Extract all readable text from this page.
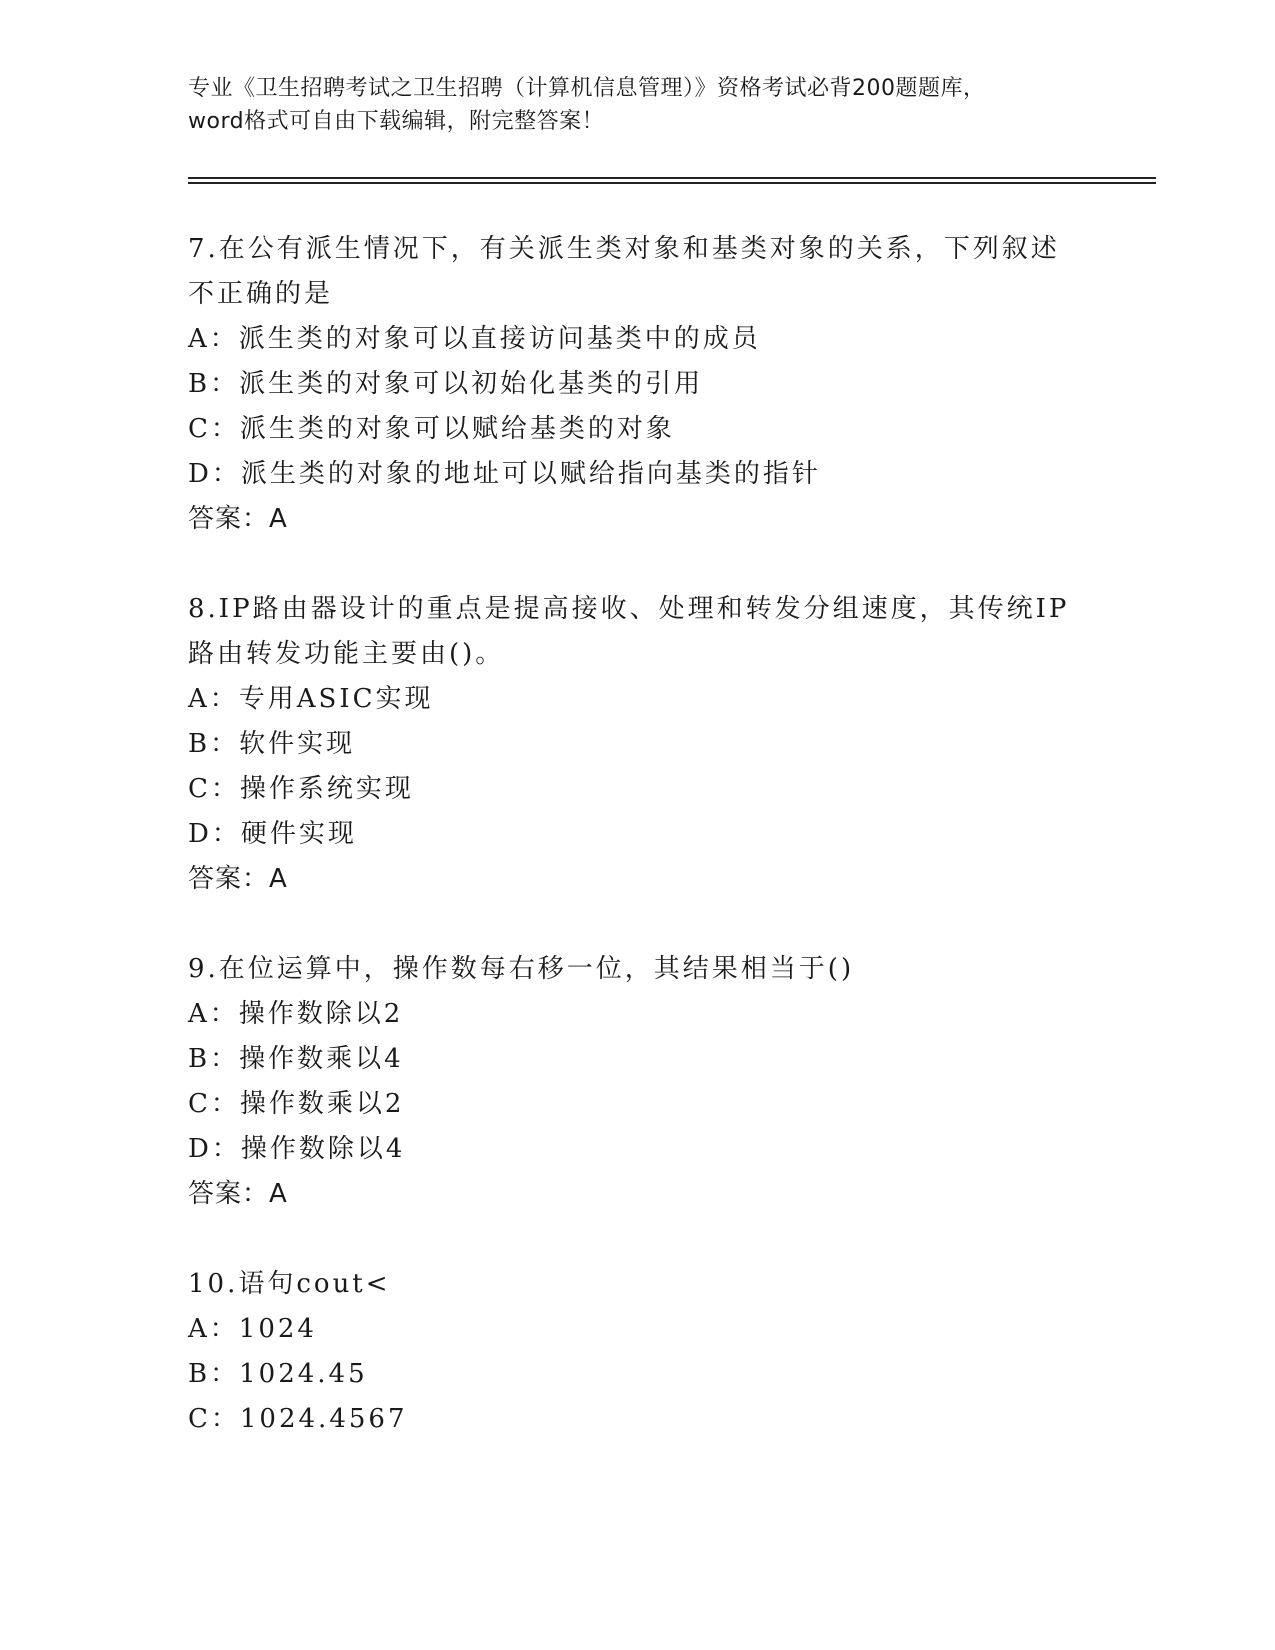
专业《卫生招聘考试之卫生招聘（计算机信息管理）》资格考试必背200题题库，
word格式可自由下载编辑，附完整答案！
7.在公有派生情况下，有关派生类对象和基类对象的关系，下列叙述
不正确的是
A：派生类的对象可以直接访问基类中的成员
B：派生类的对象可以初始化基类的引用
C：派生类的对象可以赋给基类的对象
D：派生类的对象的地址可以赋给指向基类的指针
答案：A
8.IP路由器设计的重点是提高接收、处理和转发分组速度，其传统IP
路由转发功能主要由()。
A：专用ASIC实现
B：软件实现
C：操作系统实现
D：硬件实现
答案：A
9.在位运算中，操作数每右移一位，其结果相当于()
A：操作数除以2
B：操作数乘以4
C：操作数乘以2
D：操作数除以4
答案：A
10.语句cout<
A：1024
B：1024.45
C：1024.4567
